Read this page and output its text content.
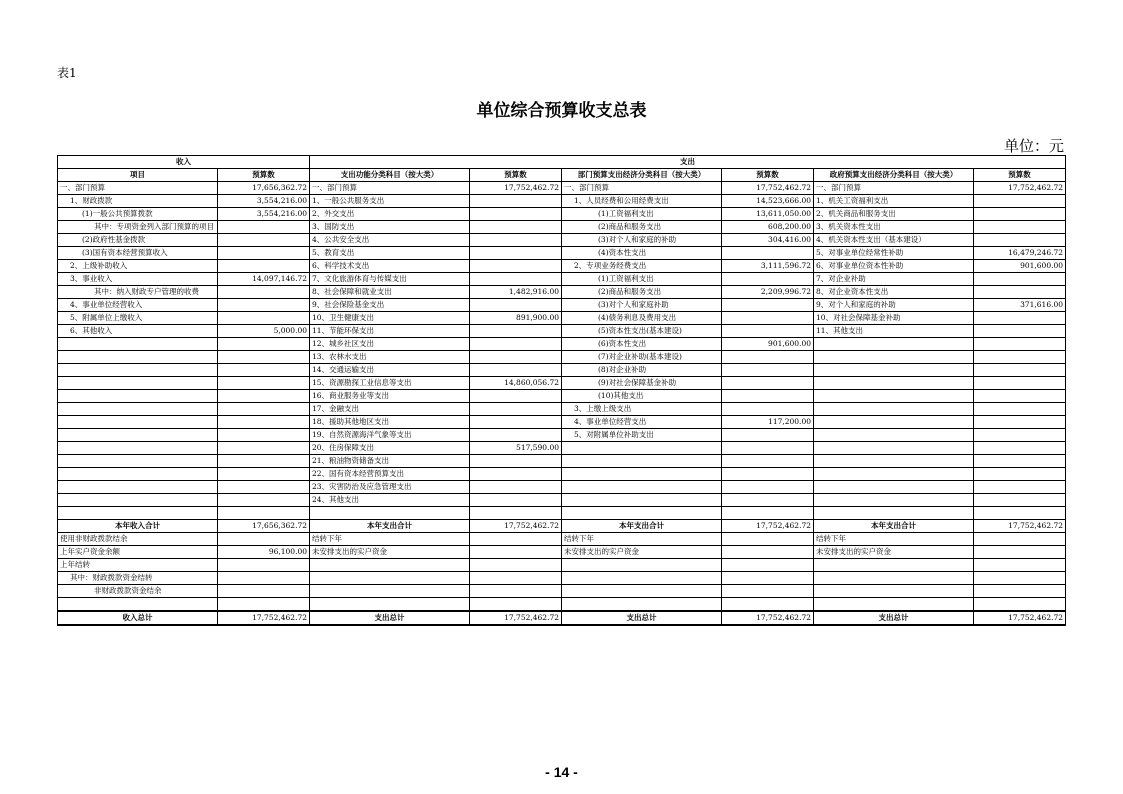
表1
单位综合预算收支总表
单位：元
收入		支出					
项目	预算数	支出功能分类科目（按大类）	预算数	部门预算支出经济分类科目（按大类）	预算数	政府预算支出经济分类科目（按大类）	预算数
一、部门预算	17,656,362.72	一、部门预算	17,752,462.72	一、部门预算	17,752,462.72	一、部门预算	17,752,462.72
1、财政拨款	3,554,216.00	1、一般公共服务支出		1、人员经费和公用经费支出	14,523,666.00	1、机关工资福利支出	
(1)一般公共预算拨款	3,554,216.00	2、外交支出		(1)工资福利支出	13,611,050.00	2、机关商品和服务支出	
其中：专项资金列入部门预算的项目		3、国防支出		(2)商品和服务支出	608,200.00	3、机关资本性支出	
(2)政府性基金拨款		4、公共安全支出		(3)对个人和家庭的补助	304,416.00	4、机关资本性支出（基本建设）	
(3)国有资本经营预算收入		5、教育支出		(4)资本性支出		5、对事业单位经常性补助	16,479,246.72
2、上级补助收入		6、科学技术支出		2、专项业务经费支出	3,111,596.72	6、对事业单位资本性补助	901,600.00
3、事业收入	14,097,146.72	7、文化旅游体育与传媒支出		(1)工资福利支出		7、对企业补助	
其中：纳入财政专户管理的收费		8、社会保障和就业支出	1,482,916.00	(2)商品和服务支出	2,209,996.72	8、对企业资本性支出	
4、事业单位经营收入		9、社会保险基金支出		(3)对个人和家庭补助		9、对个人和家庭的补助	371,616.00
5、附属单位上缴收入		10、卫生健康支出	891,900.00	(4)债务利息及费用支出		10、对社会保障基金补助	
6、其他收入	5,000.00	11、节能环保支出		(5)资本性支出(基本建设)		11、其他支出	
		12、城乡社区支出		(6)资本性支出	901,600.00		
		13、农林水支出		(7)对企业补助(基本建设)			
		14、交通运输支出		(8)对企业补助			
		15、资源勘探工业信息等支出	14,860,056.72	(9)对社会保障基金补助			
		16、商业服务业等支出		(10)其他支出			
		17、金融支出		3、上缴上级支出			
		18、援助其他地区支出		4、事业单位经营支出	117,200.00		
		19、自然资源海洋气象等支出		5、对附属单位补助支出			
		20、住房保障支出	517,590.00				
		21、粮油物资储备支出					
		22、国有资本经营预算支出					
		23、灾害防治及应急管理支出					
		24、其他支出					

本年收入合计	17,656,362.72	本年支出合计	17,752,462.72	本年支出合计	17,752,462.72	本年支出合计	17,752,462.72
使用非财政拨款结余		结转下年		结转下年		结转下年	
上年实户资金余额	96,100.00	未安排支出的实户资金		未安排支出的实户资金		未安排支出的实户资金	
上年结转							
其中：财政拨款资金结转							
非财政拨款资金结余							

收入总计	17,752,462.72	支出总计	17,752,462.72	支出总计	17,752,462.72	支出总计	17,752,462.72
- 14 -
